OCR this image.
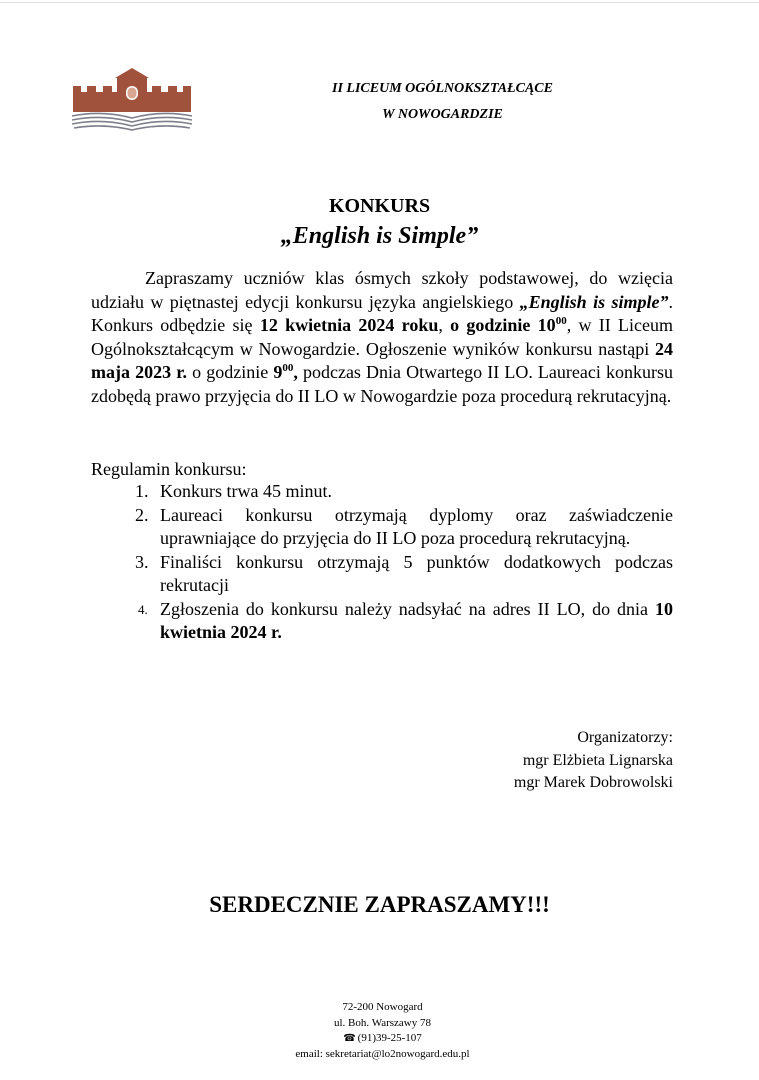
II LICEUM OGÓLNOKSZTAŁCĄCE
W NOWOGARDZIE
KONKURS
„English is Simple”

Zapraszamy uczniów klas ósmych szkoły podstawowej, do wzięcia udziału w piętnastej edycji konkursu języka angielskiego „English is simple”. Konkurs odbędzie się 12 kwietnia 2024 roku, o godzinie $10^{00}$, w II Liceum Ogólnokształcącym w Nowogardzie. Ogłoszenie wyników konkursu nastąpi 24 maja 2023 r. o godzinie $9^{00}$, podczas Dnia Otwartego II LO. Laureaci konkursu zdobędą prawo przyjęcia do II LO w Nowogardzie poza procedurą rekrutacyjną.

Regulamin konkursu:
1. Konkurs trwa 45 minut.
2. Laureaci konkursu otrzymają dyplomy oraz zaświadczenie uprawniające do przyjęcia do II LO poza procedurą rekrutacyjną.
3. Finaliści konkursu otrzymają 5 punktów dodatkowych podczas rekrutacji
4. Zgłoszenia do konkursu należy nadsyłać na adres II LO, do dnia 10 kwietnia 2024 r.
Organizatorzy:
mgr Elżbieta Lignarska
mgr Marek Dobrowolski
SERDECZNIE ZAPRASZAMY!!!
72-200 Nowogard
ul. Boh. Warszawy 78
☎ (91)39-25-107
email: sekretariat@lo2nowogard.edu.pl
